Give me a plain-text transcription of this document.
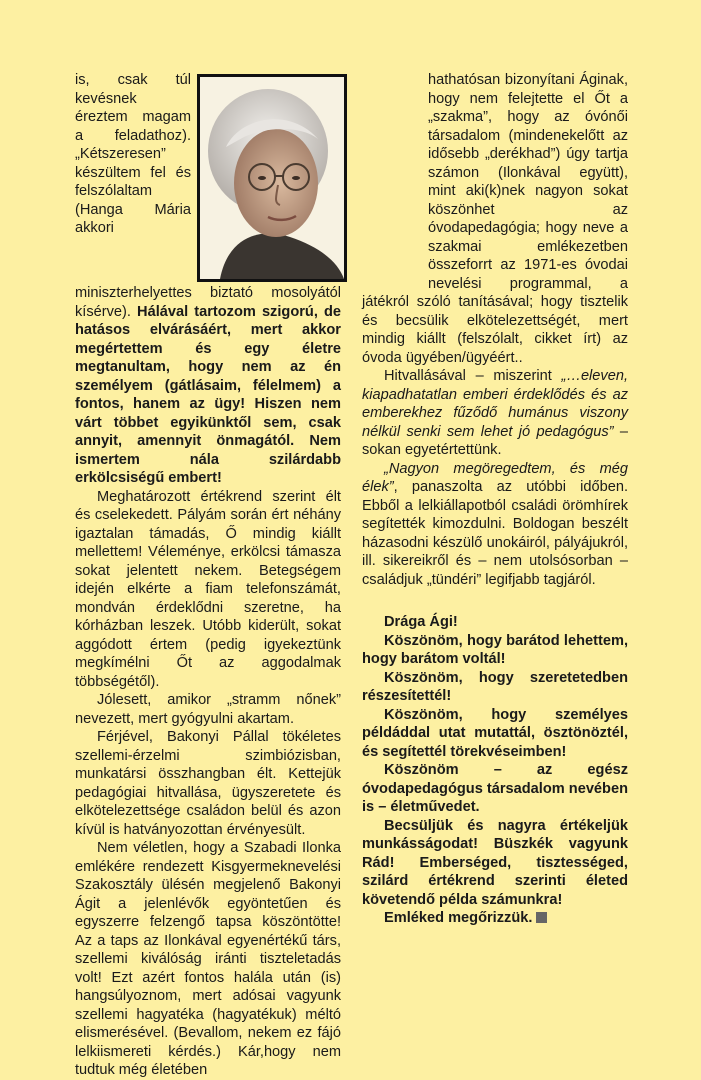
is, csak túl kevésnek éreztem magam a feladathoz). „Kétszeresen” készültem fel és felszólaltam (Hanga Mária akkori miniszterhelyettes biztató mosolyától kísérve). Hálával tartozom szigorú, de hatásos elvárásáért, mert akkor megértettem és egy életre megtanultam, hogy nem az én személyem (gátlásaim, félelmem) a fontos, hanem az ügy! Hiszen nem várt többet egyikünktől sem, csak annyit, amennyit önmagától. Nem ismertem nála szilárdabb erkölcsiségű embert!

Meghatározott értékrend szerint élt és cselekedett. Pályám során ért néhány igaztalan támadás, Ő mindig kiállt mellettem! Véleménye, erkölcsi támasza sokat jelentett nekem. Betegségem idején elkérte a fiam telefonszámát, mondván érdeklődni szeretne, ha kórházban leszek. Utóbb kiderült, sokat aggódott értem (pedig igyekeztünk megkímélni Őt az aggodalmak többségétől).

Jólesett, amikor „stramm nőnek” nevezett, mert gyógyulni akartam.

Férjével, Bakonyi Pállal tökéletes szellemi-érzelmi szimbiózisban, munkatársi összhangban élt. Kettejük pedagógiai hitvallása, ügyszeretete és elkötelezettsége családon belül és azon kívül is hatványozottan érvényesült.

Nem véletlen, hogy a Szabadi Ilonka emlékére rendezett Kisgyermeknevelési Szakosztály ülésén megjelenő Bakonyi Ágit a jelenlévők egyöntetűen és egyszerre felzengő tapsa köszöntötte! Az a taps az Ilonkával egyenértékű társ, szellemi kiválóság iránti tiszteletadás volt! Ezt azért fontos halála után (is) hangsúlyoznom, mert adósai vagyunk szellemi hagyatéka (hagyatékuk) méltó elismerésével. (Bevallom, nekem ez fájó lelkiismereti kérdés.) Kár,hogy nem tudtuk még életében

hathatósan bizonyítani Áginak, hogy nem felejtette el Őt a „szakma”, hogy az óvónői társadalom (mindenekelőtt az idősebb „derékhad”) úgy tartja számon (Ilonkával együtt), mint aki(k)nek nagyon sokat köszönhet az óvodapedagógia; hogy neve a szakmai emlékezetben összeforrt az 1971-es óvodai nevelési programmal, a játékról szóló tanításával; hogy tisztelik és becsülik elkötelezettségét, mert mindig kiállt (felszólalt, cikket írt) az óvoda ügyében/ügyéért..

Hitvallásával – miszerint „…eleven, kiapadhatatlan emberi érdeklődés és az emberekhez fűződő humánus viszony nélkül senki sem lehet jó pedagógus” – sokan egyetértettünk.

„Nagyon megöregedtem, és még élek”, panaszolta az utóbbi időben. Ebből a lelkiállapotból családi örömhírek segítették kimozdulni. Boldogan beszélt házasodni készülő unokáiról, pályájukról, ill. sikereikről és – nem utolsósorban – családjuk „tündéri” legifjabb tagjáról.

Drága Ági!

Köszönöm, hogy barátod lehettem, hogy barátom voltál!

Köszönöm, hogy szeretetedben részesítettél!

Köszönöm, hogy személyes példáddal utat mutattál, ösztönöztél, és segítettél törekvéseimben!

Köszönöm – az egész óvodapedagógus társadalom nevében is – életművedet.

Becsüljük és nagyra értékeljük munkásságodat! Büszkék vagyunk Rád! Emberséged, tisztességed, szilárd értékrend szerinti életed követendő példa számunkra!

Emléked megőrizzük.
